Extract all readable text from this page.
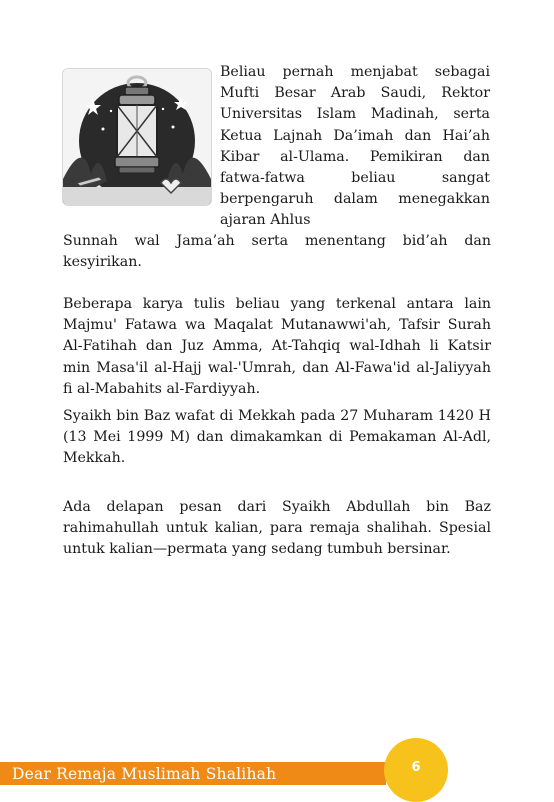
Beliau pernah menjabat sebagai Mufti Besar Arab Saudi, Rektor Universitas Islam Madinah, serta Ketua Lajnah Da’imah dan Hai’ah Kibar al-Ulama. Pemikiran dan fatwa-fatwa beliau sangat berpengaruh dalam menegakkan ajaran Ahlus
Sunnah wal Jama’ah serta menentang bid’ah dan kesyirikan.
Beberapa karya tulis beliau yang terkenal antara lain Majmu' Fatawa wa Maqalat Mutanawwi'ah, Tafsir Surah Al-Fatihah dan Juz Amma, At-Tahqiq wal-Idhah li Katsir min Masa'il al-Hajj wal-'Umrah, dan Al-Fawa'id al-Jaliyyah fi al-Mabahits al-Fardiyyah.
Syaikh bin Baz wafat di Mekkah pada 27 Muharam 1420 H (13 Mei 1999 M) dan dimakamkan di Pemakaman Al-Adl, Mekkah.
Ada delapan pesan dari Syaikh Abdullah bin Baz rahimahullah untuk kalian, para remaja shalihah. Spesial untuk kalian—permata yang sedang tumbuh bersinar.
Dear Remaja Muslimah Shalihah	6
